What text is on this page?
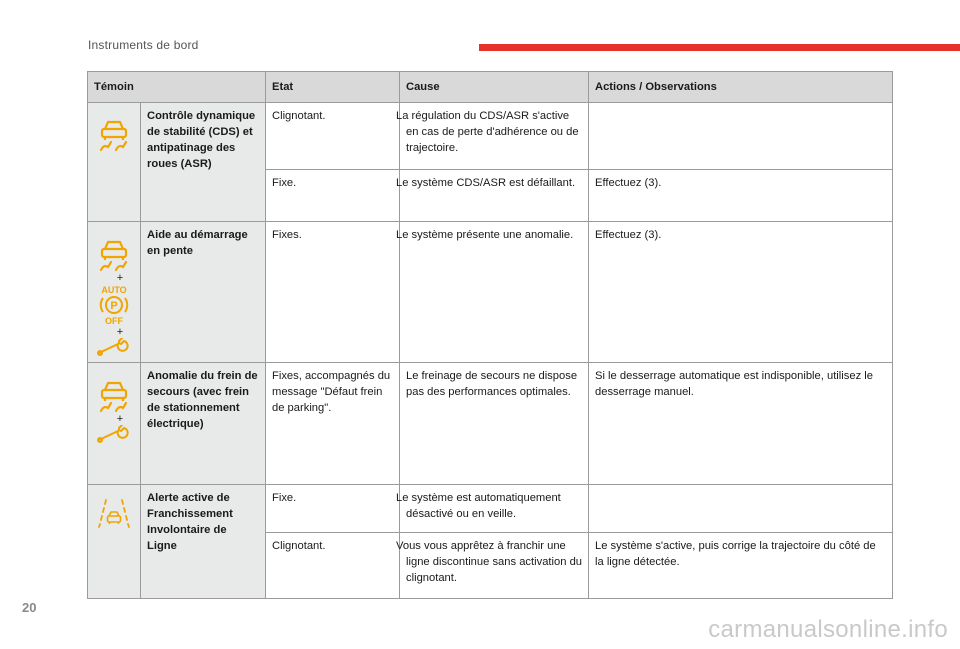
Instruments de bord
Témoin		Etat	Cause	Actions / Observations

	Contrôle dynamique de stabilité (CDS) et antipatinage des roues (ASR)	Clignotant.	La régulation du CDS/ASR s'active en cas de perte d'adhérence ou de trajectoire.	
		Fixe.	Le système CDS/ASR est défaillant.	Effectuez (3).

+
AUTO
P
OFF
+	Aide au démarrage en pente	Fixes.	Le système présente une anomalie.	Effectuez (3).

+	Anomalie du frein de secours (avec frein de stationnement électrique)	Fixes, accompagnés du message "Défaut frein de parking".	Le freinage de secours ne dispose pas des performances optimales.	Si le desserrage automatique est indisponible, utilisez le desserrage manuel.

	Alerte active de Franchissement Involontaire de Ligne	Fixe.	Le système est automatiquement désactivé ou en veille.	
		Clignotant.	Vous vous apprêtez à franchir une ligne discontinue sans activation du clignotant.	Le système s'active, puis corrige la trajectoire du côté de la ligne détectée.
20
carmanualsonline.info
